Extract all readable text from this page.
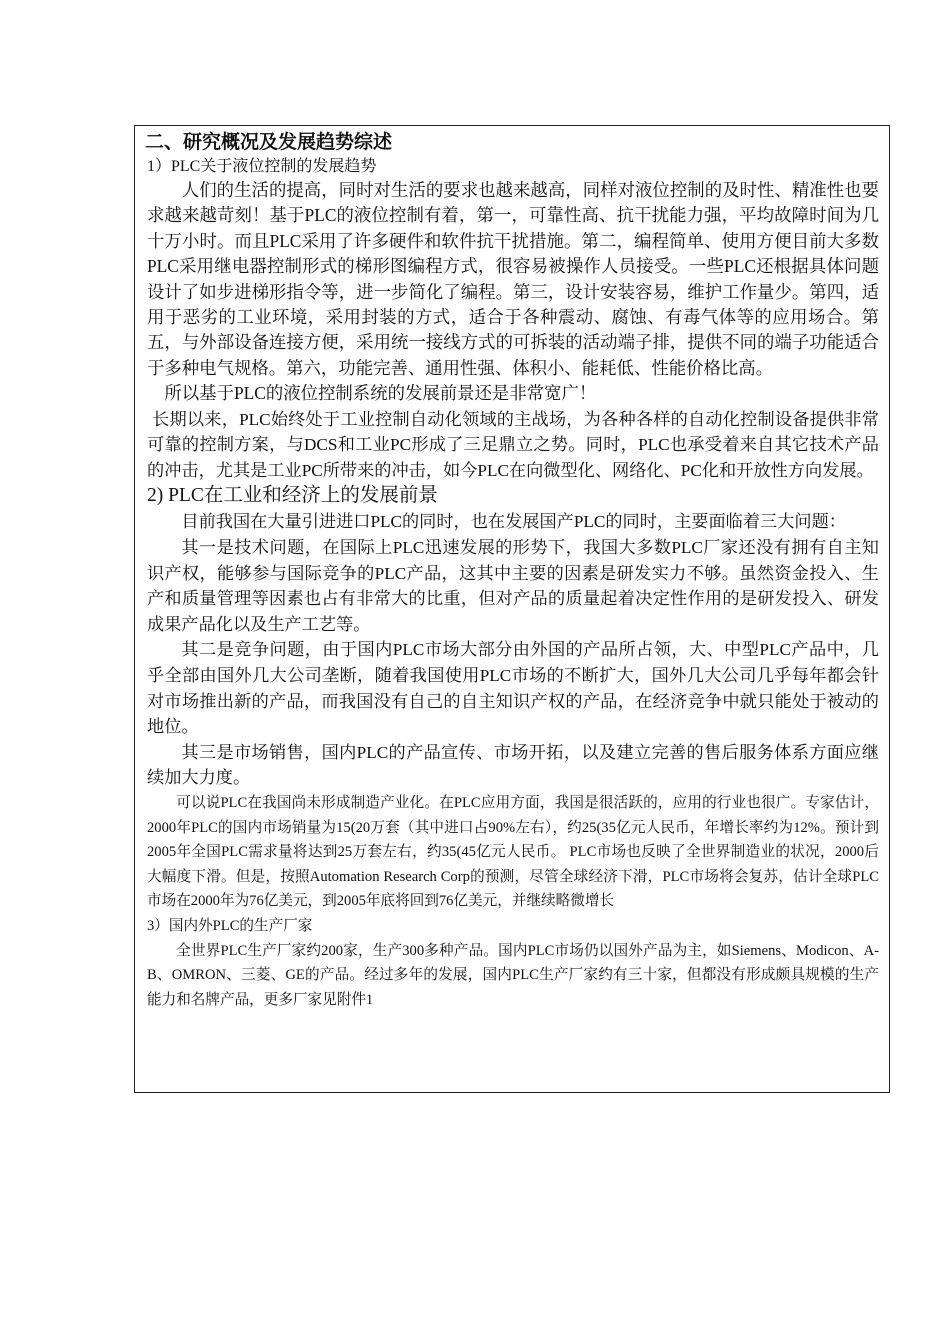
二、研究概况及发展趋势综述

1）PLC关于液位控制的发展趋势

人们的生活的提高，同时对生活的要求也越来越高，同样对液位控制的及时性、精准性也要求越来越苛刻！基于PLC的液位控制有着，第一，可靠性高、抗干扰能力强，平均故障时间为几十万小时。而且PLC采用了许多硬件和软件抗干扰措施。第二，编程简单、使用方便目前大多数PLC采用继电器控制形式的梯形图编程方式，很容易被操作人员接受。一些PLC还根据具体问题设计了如步进梯形指令等，进一步简化了编程。第三，设计安装容易，维护工作量少。第四，适用于恶劣的工业环境，采用封装的方式，适合于各种震动、腐蚀、有毒气体等的应用场合。第五，与外部设备连接方便，采用统一接线方式的可拆装的活动端子排，提供不同的端子功能适合于多种电气规格。第六，功能完善、通用性强、体积小、能耗低、性能价格比高。

所以基于PLC的液位控制系统的发展前景还是非常宽广！

长期以来，PLC始终处于工业控制自动化领域的主战场，为各种各样的自动化控制设备提供非常可靠的控制方案，与DCS和工业PC形成了三足鼎立之势。同时，PLC也承受着来自其它技术产品的冲击，尤其是工业PC所带来的冲击，如今PLC在向微型化、网络化、PC化和开放性方向发展。

2) PLC在工业和经济上的发展前景

目前我国在大量引进进口PLC的同时，也在发展国产PLC的同时，主要面临着三大问题：

其一是技术问题，在国际上PLC迅速发展的形势下，我国大多数PLC厂家还没有拥有自主知识产权，能够参与国际竞争的PLC产品，这其中主要的因素是研发实力不够。虽然资金投入、生产和质量管理等因素也占有非常大的比重，但对产品的质量起着决定性作用的是研发投入、研发成果产品化以及生产工艺等。

其二是竞争问题，由于国内PLC市场大部分由外国的产品所占领，大、中型PLC产品中，几乎全部由国外几大公司垄断，随着我国使用PLC市场的不断扩大，国外几大公司几乎每年都会针对市场推出新的产品，而我国没有自己的自主知识产权的产品，在经济竞争中就只能处于被动的地位。

其三是市场销售，国内PLC的产品宣传、市场开拓，以及建立完善的售后服务体系方面应继续加大力度。

可以说PLC在我国尚未形成制造产业化。在PLC应用方面，我国是很活跃的，应用的行业也很广。专家估计，2000年PLC的国内市场销量为15(20万套（其中进口占90%左右），约25(35亿元人民币，年增长率约为12%。预计到2005年全国PLC需求量将达到25万套左右，约35(45亿元人民币。 PLC市场也反映了全世界制造业的状况，2000后大幅度下滑。但是，按照Automation Research Corp的预测，尽管全球经济下滑，PLC市场将会复苏，估计全球PLC市场在2000年为76亿美元，到2005年底将回到76亿美元，并继续略微增长

3）国内外PLC的生产厂家

全世界PLC生产厂家约200家，生产300多种产品。国内PLC市场仍以国外产品为主，如Siemens、Modicon、A-B、OMRON、三菱、GE的产品。经过多年的发展，国内PLC生产厂家约有三十家，但都没有形成颇具规模的生产能力和名牌产品，更多厂家见附件1
